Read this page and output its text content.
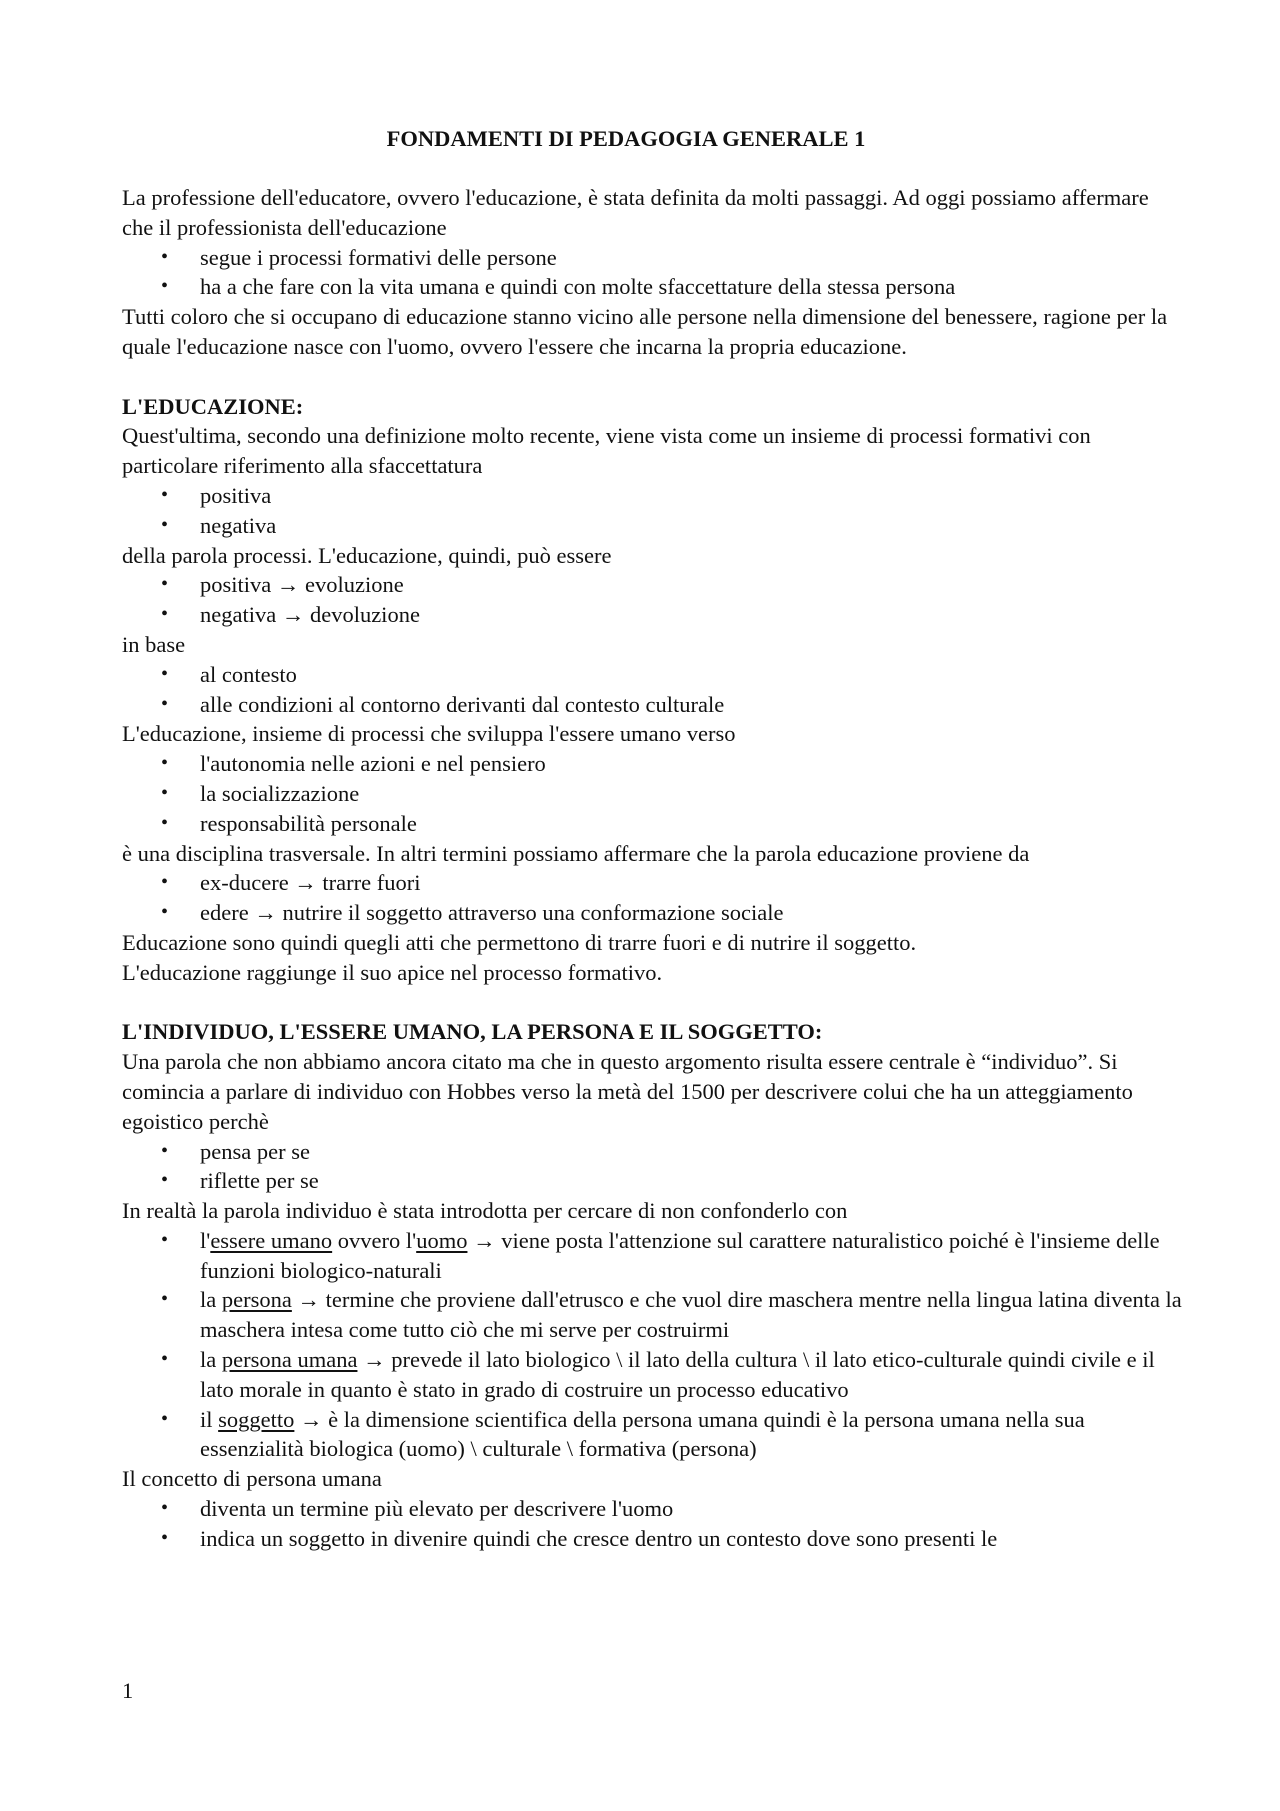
FONDAMENTI DI PEDAGOGIA GENERALE 1

La professione dell'educatore, ovvero l'educazione, è stata definita da molti passaggi. Ad oggi possiamo affermare che il professionista dell'educazione

• segue i processi formativi delle persone
• ha a che fare con la vita umana e quindi con molte sfaccettature della stessa persona

Tutti coloro che si occupano di educazione stanno vicino alle persone nella dimensione del benessere, ragione per la quale l'educazione nasce con l'uomo, ovvero l'essere che incarna la propria educazione.

L'EDUCAZIONE:

Quest'ultima, secondo una definizione molto recente, viene vista come un insieme di processi formativi con particolare riferimento alla sfaccettatura

• positiva
• negativa

della parola processi. L'educazione, quindi, può essere

• positiva → evoluzione
• negativa → devoluzione

in base

• al contesto
• alle condizioni al contorno derivanti dal contesto culturale

L'educazione, insieme di processi che sviluppa l'essere umano verso

• l'autonomia nelle azioni e nel pensiero
• la socializzazione
• responsabilità personale

è una disciplina trasversale. In altri termini possiamo affermare che la parola educazione proviene da

• ex-ducere → trarre fuori
• edere → nutrire il soggetto attraverso una conformazione sociale

Educazione sono quindi quegli atti che permettono di trarre fuori e di nutrire il soggetto.

L'educazione raggiunge il suo apice nel processo formativo.

L'INDIVIDUO, L'ESSERE UMANO, LA PERSONA E IL SOGGETTO:

Una parola che non abbiamo ancora citato ma che in questo argomento risulta essere centrale è “individuo”. Si comincia a parlare di individuo con Hobbes verso la metà del 1500 per descrivere colui che ha un atteggiamento egoistico perchè

• pensa per se
• riflette per se

In realtà la parola individuo è stata introdotta per cercare di non confonderlo con

• l'essere umano ovvero l'uomo → viene posta l'attenzione sul carattere naturalistico poiché è l'insieme delle funzioni biologico-naturali
• la persona → termine che proviene dall'etrusco e che vuol dire maschera mentre nella lingua latina diventa la maschera intesa come tutto ciò che mi serve per costruirmi
• la persona umana → prevede il lato biologico \ il lato della cultura \ il lato etico-culturale quindi civile e il lato morale in quanto è stato in grado di costruire un processo educativo
• il soggetto → è la dimensione scientifica della persona umana quindi è la persona umana nella sua essenzialità biologica (uomo) \ culturale \ formativa (persona)

Il concetto di persona umana

• diventa un termine più elevato per descrivere l'uomo
• indica un soggetto in divenire quindi che cresce dentro un contesto dove sono presenti le
1
